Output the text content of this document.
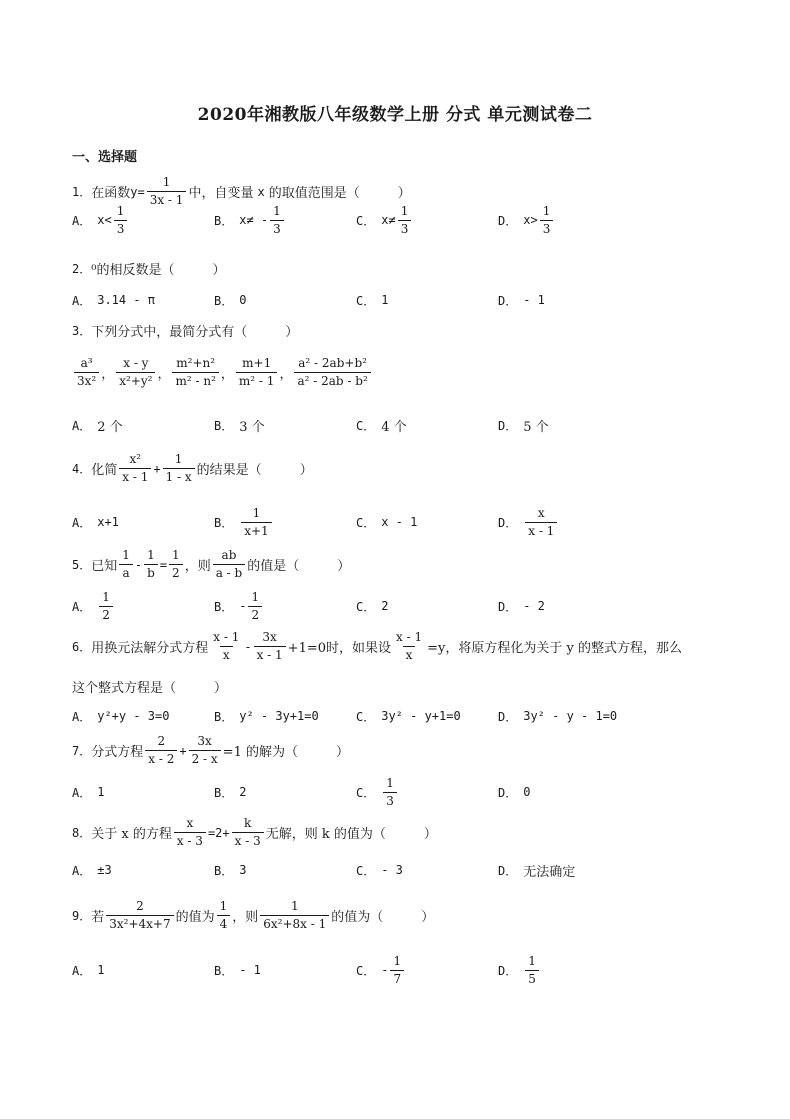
2020年湘教版八年级数学上册 分式 单元测试卷二
一、选择题
1． 在函数 $y= \frac{1}{3x - 1}$ 中，自变量 x 的取值范围是（	）
A． $x< \frac{1}{3}$	B． $x\ne - \frac{1}{3}$	C． $x\ne \frac{1}{3}$	D． $x> \frac{1}{3}$
2． ⁰的相反数是（	）
A． 3.14 - π	B． 0	C． 1	D． - 1
3． 下列分式中，最简分式有（	）
$\frac{\text{a³}}{\text{3x²}}$ ， $\frac{x - y}{\text{x²+y²}}$ ， $\frac{\text{m²+n²}}{\text{m² - n²}}$ ， $\frac{m+1}{\text{m² - 1}}$ ， $\frac{\text{a² - 2ab+b²}}{\text{a² - 2ab - b²}}$
A． 2 个	B． 3 个	C． 4 个	D． 5 个
4． 化简 $\frac{\text{x²}}{x - 1} + \frac{1}{1 - x}$ 的结果是（	）
A． x+1	B． $\frac{1}{x+1}$	C． x - 1	D． $\frac{x}{x - 1}$
5． 已知 $\frac{1}{a} - \frac{1}{b} = \frac{1}{2}$ ，则 $\frac{ab}{a - b}$ 的值是（	）
A． $\frac{1}{2}$	B． - $\frac{1}{2}$	C． 2	D． - 2
6． 用换元法解分式方程 $\frac{x - 1}{x} - \frac{3x}{x - 1} +1=0$时，如果设 $\frac{x - 1}{x} =y$，将原方程化为关于 y 的整式方程，那么
这个整式方程是（	）
A． y²+y - 3=0	B． y² - 3y+1=0	C． 3y² - y+1=0	D． 3y² - y - 1=0
7． 分式方程 $\frac{2}{x - 2} + \frac{3x}{2 - x} =1$ 的解为（	）
A． 1	B． 2	C． $\frac{1}{3}$	D． 0
8． 关于 x 的方程 $\frac{x}{x - 3} =2+ \frac{k}{x - 3}$ 无解，则 k 的值为（	）
A． ±3	B． 3	C． - 3	D． 无法确定
9． 若 $\frac{2}{\text{3x²+4x+7}}$ 的值为 $\frac{1}{4}$ ，则 $\frac{1}{\text{6x²+8x - 1}}$ 的值为（	）
A． 1	B． - 1	C． - $\frac{1}{7}$	D． $\frac{1}{5}$
